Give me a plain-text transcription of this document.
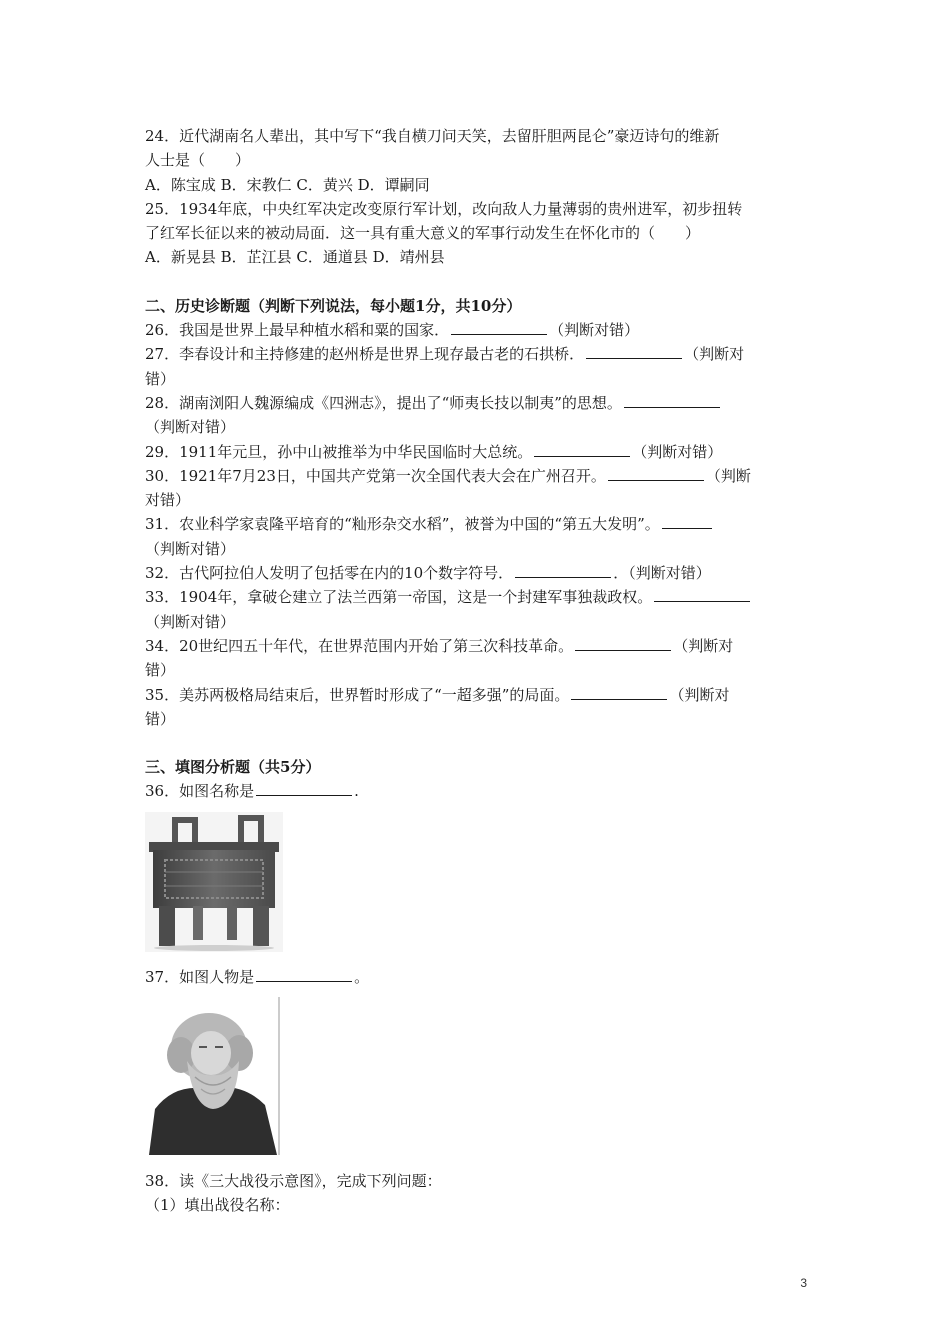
24．近代湖南名人辈出，其中写下“我自横刀问天笑，去留肝胆两昆仑”豪迈诗句的维新
人士是（　　）
A．陈宝成 B．宋教仁 C．黄兴 D．谭嗣同
25．1934年底，中央红军决定改变原行军计划，改向敌人力量薄弱的贵州进军，初步扭转
了红军长征以来的被动局面．这一具有重大意义的军事行动发生在怀化市的（　　）
A．新晃县 B．芷江县 C．通道县 D．靖州县
二、历史诊断题（判断下列说法，每小题1分，共10分）
26．我国是世界上最早种植水稻和粟的国家．	（判断对错）
27．李春设计和主持修建的赵州桥是世界上现存最古老的石拱桥．	（判断对
错）
28．湖南浏阳人魏源编成《四洲志》，提出了“师夷长技以制夷”的思想。
（判断对错）
29．1911年元旦，孙中山被推举为中华民国临时大总统。	（判断对错）
30．1921年7月23日，中国共产党第一次全国代表大会在广州召开。	（判断
对错）
31．农业科学家袁隆平培育的“籼形杂交水稻”，被誉为中国的“第五大发明”。
（判断对错）
32．古代阿拉伯人发明了包括零在内的10个数字符号．	．（判断对错）
33．1904年，拿破仑建立了法兰西第一帝国，这是一个封建军事独裁政权。
（判断对错）
34．20世纪四五十年代，在世界范围内开始了第三次科技革命。	（判断对
错）
35．美苏两极格局结束后，世界暂时形成了“一超多强”的局面。	（判断对
错）
三、填图分析题（共5分）
36．如图名称是	.
37．如图人物是	。
38．读《三大战役示意图》，完成下列问题：
（1）填出战役名称：
3
